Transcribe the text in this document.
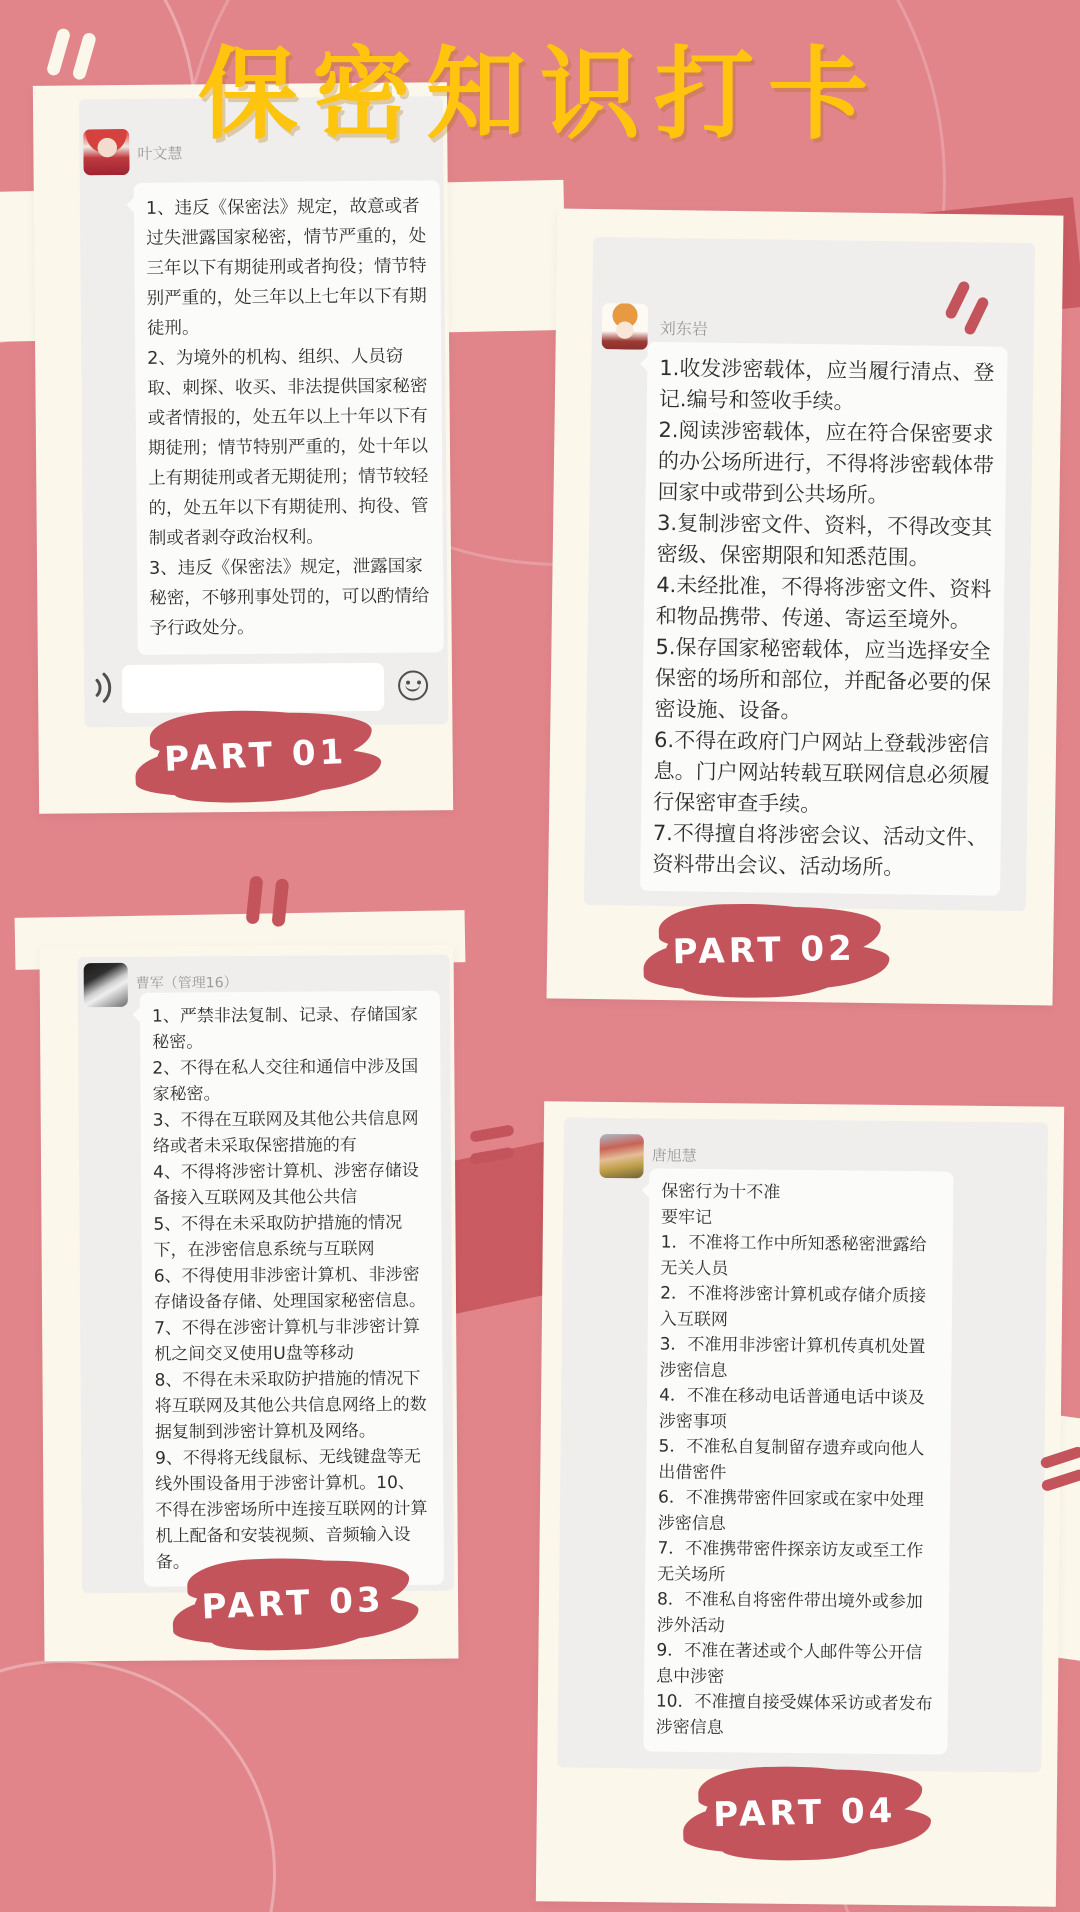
保密知识打卡
叶文慧

1、违反《保密法》规定，故意或者过失泄露国家秘密，情节严重的，处三年以下有期徒刑或者拘役；情节特别严重的，处三年以上七年以下有期徒刑。

2、为境外的机构、组织、人员窃取、刺探、收买、非法提供国家秘密或者情报的，处五年以上十年以下有期徒刑；情节特别严重的，处十年以上有期徒刑或者无期徒刑；情节较轻的，处五年以下有期徒刑、拘役、管制或者剥夺政治权利。

3、违反《保密法》规定，泄露国家秘密，不够刑事处罚的，可以酌情给予行政处分。

PART 01
刘东岩

1.收发涉密载体，应当履行清点、登记.编号和签收手续。

2.阅读涉密载体，应在符合保密要求的办公场所进行，不得将涉密载体带回家中或带到公共场所。

3.复制涉密文件、资料，不得改变其密级、保密期限和知悉范围。

4.未经批准，不得将涉密文件、资料和物品携带、传递、寄运至境外。

5.保存国家秘密载体，应当选择安全保密的场所和部位，并配备必要的保密设施、设备。

6.不得在政府门户网站上登载涉密信息。门户网站转载互联网信息必须履行保密审查手续。

7.不得擅自将涉密会议、活动文件、资料带出会议、活动场所。

PART 02
曹军（管理16）

1、严禁非法复制、记录、存储国家秘密。

2、不得在私人交往和通信中涉及国家秘密。

3、不得在互联网及其他公共信息网络或者未采取保密措施的有

4、不得将涉密计算机、涉密存储设备接入互联网及其他公共信

5、不得在未采取防护措施的情况下，在涉密信息系统与互联网

6、不得使用非涉密计算机、非涉密存储设备存储、处理国家秘密信息。

7、不得在涉密计算机与非涉密计算机之间交叉使用U盘等移动

8、不得在未采取防护措施的情况下将互联网及其他公共信息网络上的数据复制到涉密计算机及网络。

9、不得将无线鼠标、无线键盘等无线外围设备用于涉密计算机。10、不得在涉密场所中连接互联网的计算机上配备和安装视频、音频输入设备。

PART 03
唐旭慧

保密行为十不准

要牢记

1．不准将工作中所知悉秘密泄露给无关人员

2．不准将涉密计算机或存储介质接入互联网

3．不准用非涉密计算机传真机处置涉密信息

4．不准在移动电话普通电话中谈及涉密事项

5．不准私自复制留存遗弃或向他人出借密件

6．不准携带密件回家或在家中处理涉密信息

7．不准携带密件探亲访友或至工作无关场所

8．不准私自将密件带出境外或参加涉外活动

9．不准在著述或个人邮件等公开信息中涉密

10．不准擅自接受媒体采访或者发布涉密信息

PART 04
